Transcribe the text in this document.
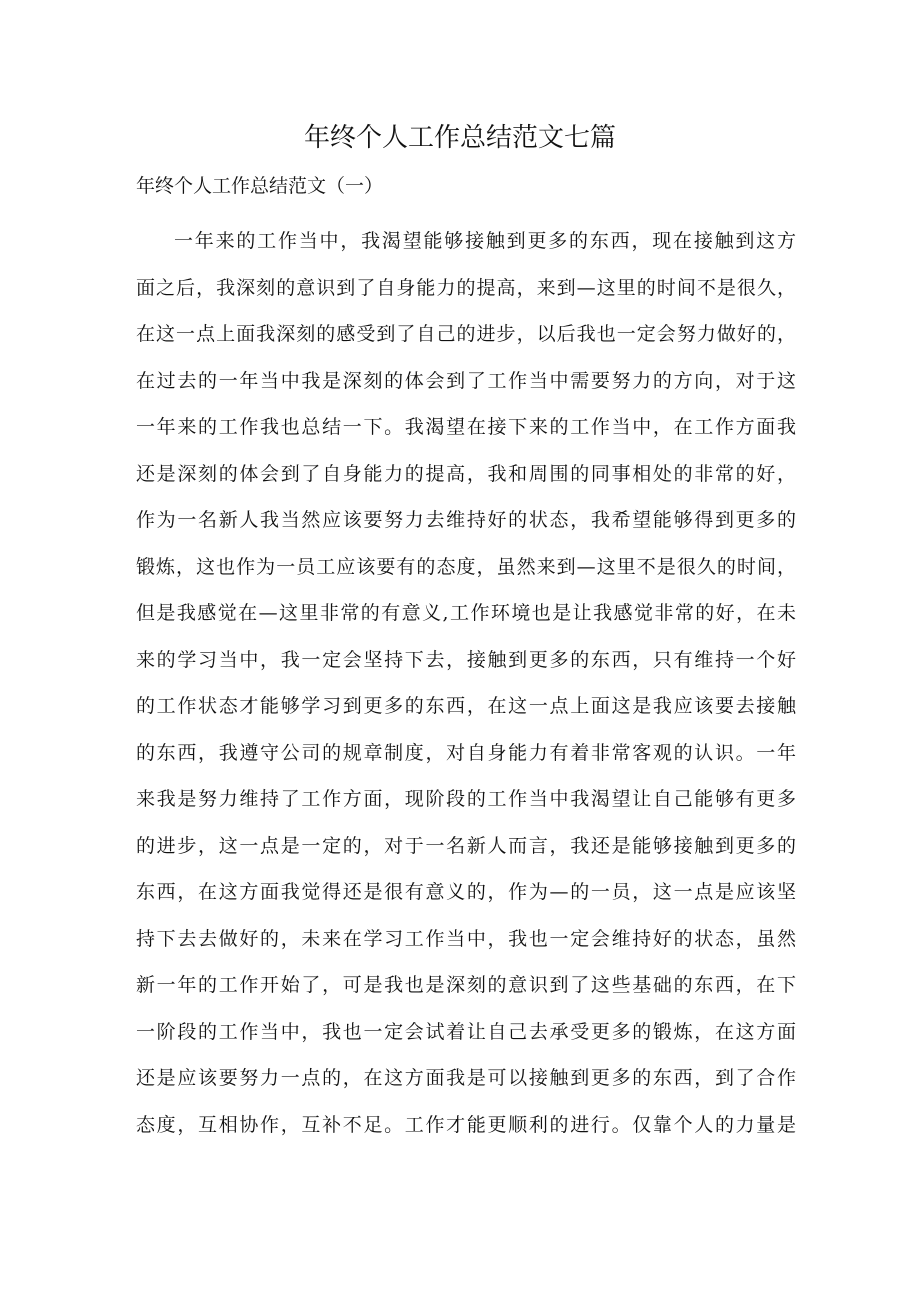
年终个人工作总结范文七篇
年终个人工作总结范文（一）
一年来的工作当中，我渴望能够接触到更多的东西，现在接触到这方
面之后，我深刻的意识到了自身能力的提高，来到—这里的时间不是很久，
在这一点上面我深刻的感受到了自己的进步，以后我也一定会努力做好的，
在过去的一年当中我是深刻的体会到了工作当中需要努力的方向，对于这
一年来的工作我也总结一下。我渴望在接下来的工作当中，在工作方面我
还是深刻的体会到了自身能力的提高，我和周围的同事相处的非常的好，
作为一名新人我当然应该要努力去维持好的状态，我希望能够得到更多的
锻炼，这也作为一员工应该要有的态度，虽然来到—这里不是很久的时间，
但是我感觉在—这里非常的有意义,工作环境也是让我感觉非常的好，在未
来的学习当中，我一定会坚持下去，接触到更多的东西，只有维持一个好
的工作状态才能够学习到更多的东西，在这一点上面这是我应该要去接触
的东西，我遵守公司的规章制度，对自身能力有着非常客观的认识。一年
来我是努力维持了工作方面，现阶段的工作当中我渴望让自己能够有更多
的进步，这一点是一定的，对于一名新人而言，我还是能够接触到更多的
东西，在这方面我觉得还是很有意义的，作为—的一员，这一点是应该坚
持下去去做好的，未来在学习工作当中，我也一定会维持好的状态，虽然
新一年的工作开始了，可是我也是深刻的意识到了这些基础的东西，在下
一阶段的工作当中，我也一定会试着让自己去承受更多的锻炼，在这方面
还是应该要努力一点的，在这方面我是可以接触到更多的东西，到了合作
态度，互相协作，互补不足。工作才能更顺利的进行。仅靠个人的力量是
